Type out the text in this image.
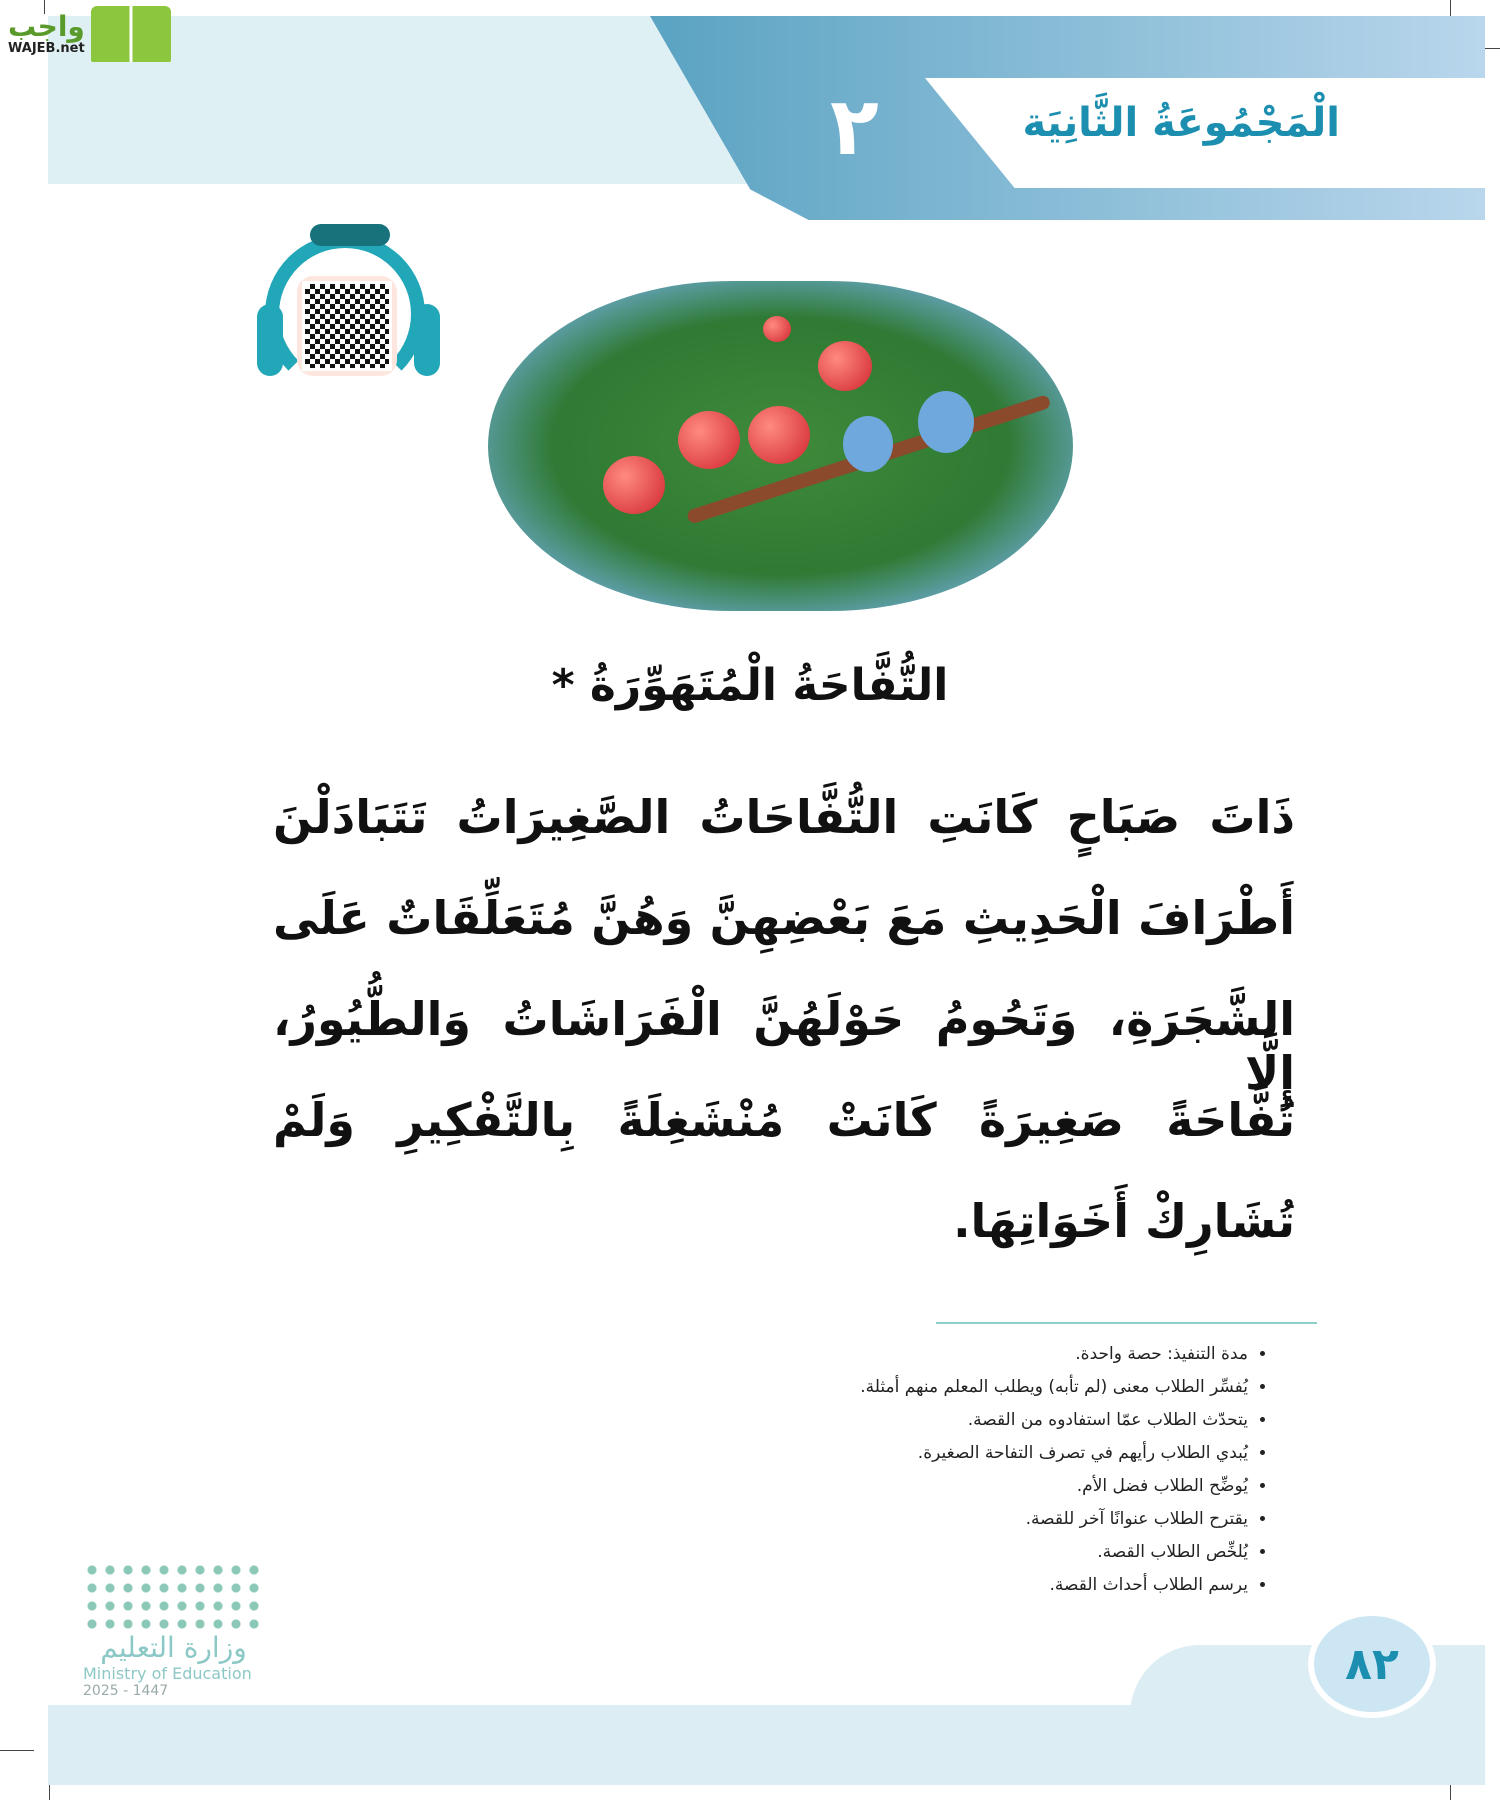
الْمَجْمُوعَةُ الثَّانِيَة
٢
واجب
WAJEB.net
التُّفَّاحَةُ الْمُتَهَوِّرَةُ *
ذَاتَ صَبَاحٍ كَانَتِ التُّفَّاحَاتُ الصَّغِيرَاتُ تَتَبَادَلْنَ
أَطْرَافَ الْحَدِيثِ مَعَ بَعْضِهِنَّ وَهُنَّ مُتَعَلِّقَاتٌ عَلَى
الشَّجَرَةِ، وَتَحُومُ حَوْلَهُنَّ الْفَرَاشَاتُ وَالطُّيُورُ، إِلَّا
تُفَّاحَةً صَغِيرَةً كَانَتْ مُنْشَغِلَةً بِالتَّفْكِيرِ وَلَمْ
تُشَارِكْ أَخَوَاتِهَا.
• مدة التنفيذ: حصة واحدة.
• يُفسِّر الطلاب معنى (لم تأبه) ويطلب المعلم منهم أمثلة.
• يتحدّث الطلاب عمّا استفادوه من القصة.
• يُبدي الطلاب رأيهم في تصرف التفاحة الصغيرة.
• يُوضِّح الطلاب فضل الأم.
• يقترح الطلاب عنوانًا آخر للقصة.
• يُلخِّص الطلاب القصة.
• يرسم الطلاب أحداث القصة.
٨٢
وزارة التعليم
Ministry of Education
2025 - 1447
